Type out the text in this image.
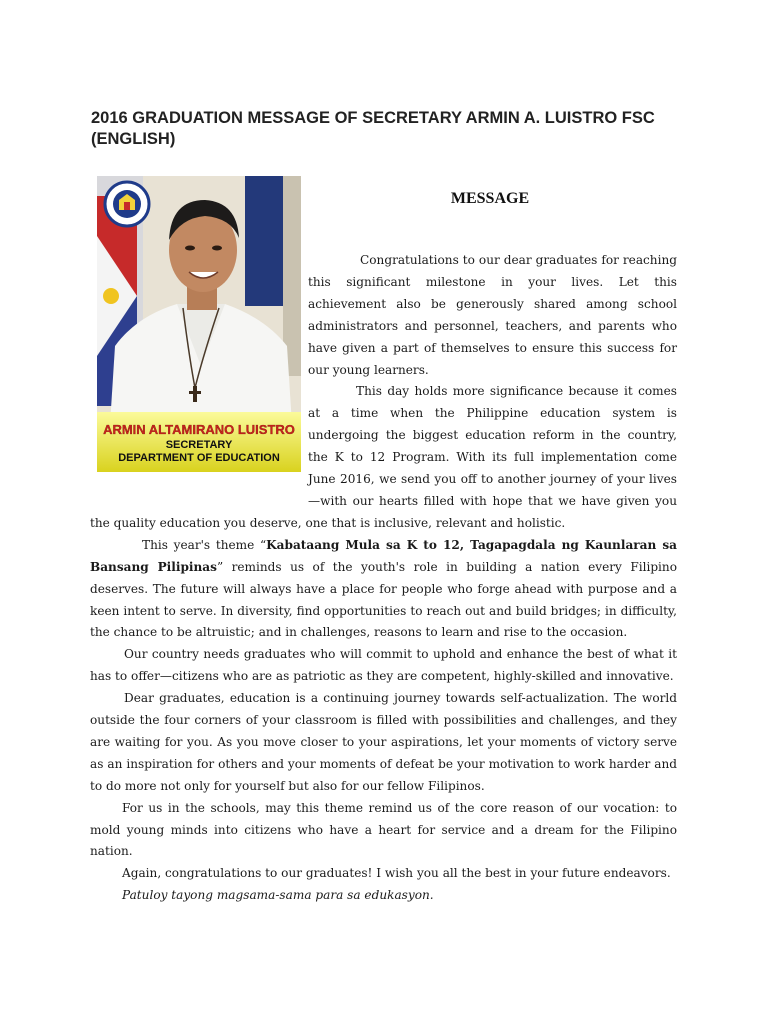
2016 GRADUATION MESSAGE OF SECRETARY ARMIN A. LUISTRO FSC (ENGLISH)
ARMIN ALTAMIRANO LUISTRO
SECRETARY
DEPARTMENT OF EDUCATION
MESSAGE

Congratulations to our dear graduates for reaching this significant milestone in your lives. Let this achievement also be generously shared among school administrators and personnel, teachers, and parents who have given a part of themselves to ensure this success for our young learners.

This day holds more significance because it comes at a time when the Philippine education system is undergoing the biggest education reform in the country, the K to 12 Program. With its full implementation come June 2016, we send you off to another journey of your lives—with our hearts filled with hope that we have given you the quality education you deserve, one that is inclusive, relevant and holistic.

This year's theme “Kabataang Mula sa K to 12, Tagapagdala ng Kaunlaran sa Bansang Pilipinas” reminds us of the youth's role in building a nation every Filipino deserves. The future will always have a place for people who forge ahead with purpose and a keen intent to serve. In diversity, find opportunities to reach out and build bridges; in difficulty, the chance to be altruistic; and in challenges, reasons to learn and rise to the occasion.

Our country needs graduates who will commit to uphold and enhance the best of what it has to offer—citizens who are as patriotic as they are competent, highly-skilled and innovative.

Dear graduates, education is a continuing journey towards self-actualization. The world outside the four corners of your classroom is filled with possibilities and challenges, and they are waiting for you. As you move closer to your aspirations, let your moments of victory serve as an inspiration for others and your moments of defeat be your motivation to work harder and to do more not only for yourself but also for our fellow Filipinos.

For us in the schools, may this theme remind us of the core reason of our vocation: to mold young minds into citizens who have a heart for service and a dream for the Filipino nation.

Again, congratulations to our graduates! I wish you all the best in your future endeavors.

Patuloy tayong magsama-sama para sa edukasyon.
